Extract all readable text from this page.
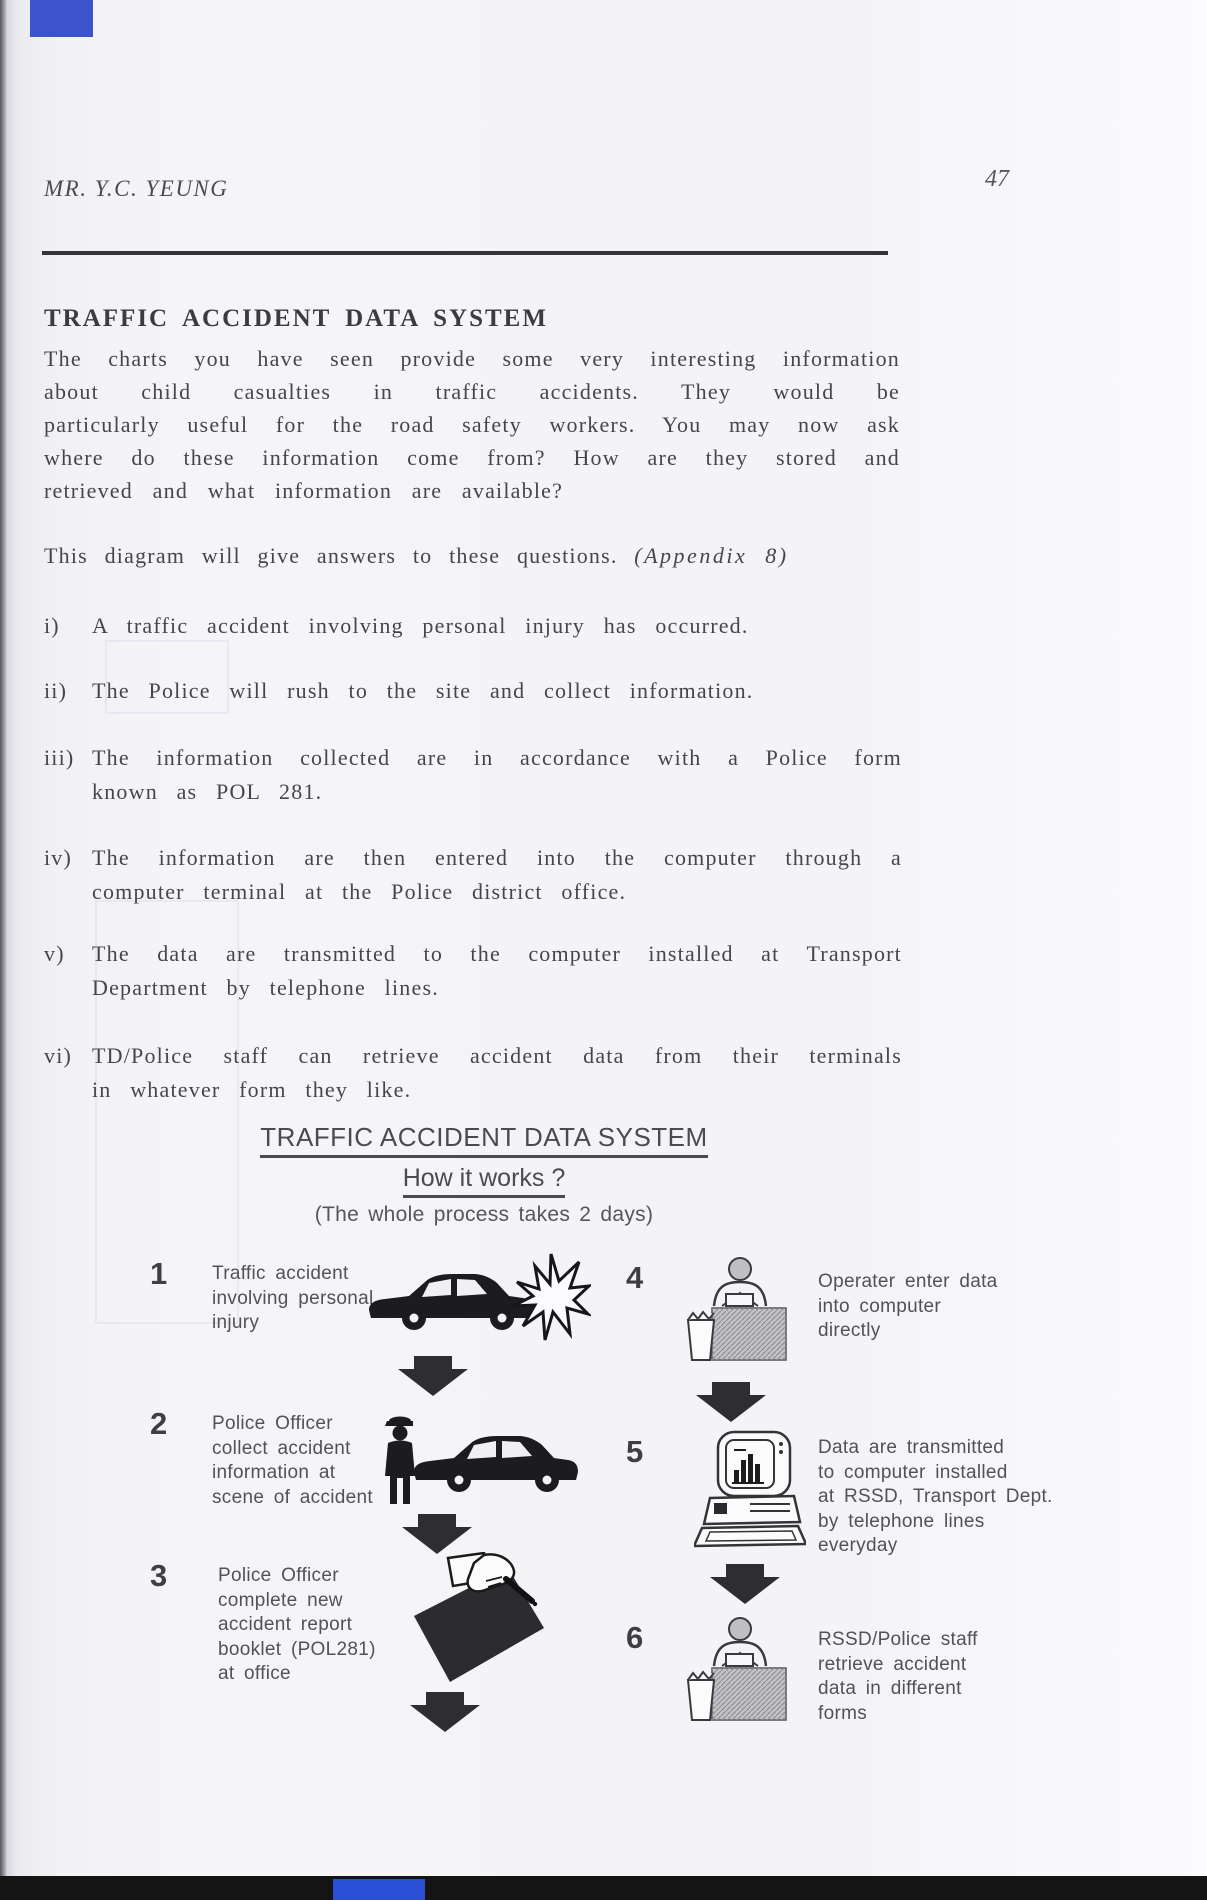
MR. Y.C. YEUNG	47
TRAFFIC ACCIDENT DATA SYSTEM
The charts you have seen provide some very interesting information
about child casualties in traffic accidents. They would be
particularly useful for the road safety workers. You may now ask
where do these information come from? How are they stored and
retrieved and what information are available?
This diagram will give answers to these questions. (Appendix 8)
i) A traffic accident involving personal injury has occurred.
ii) The Police will rush to the site and collect information.
iii) The information collected are in accordance with a Police form
known as POL 281.
iv) The information are then entered into the computer through a
computer terminal at the Police district office.
v) The data are transmitted to the computer installed at Transport
Department by telephone lines.
vi) TD/Police staff can retrieve accident data from their terminals
in whatever form they like.
TRAFFIC ACCIDENT DATA SYSTEM
How it works ?
(The whole process takes 2 days)
1 Traffic accident
involving personal
injury
2 Police Officer
collect accident
information at
scene of accident
3	Police Officer
complete new
accident report
booklet (POL281)
at office
4	Operater enter data
into computer
directly
5	Data are transmitted
to computer installed
at RSSD, Transport Dept.
by telephone lines
everyday
6	RSSD/Police staff
retrieve accident
data in different
forms
